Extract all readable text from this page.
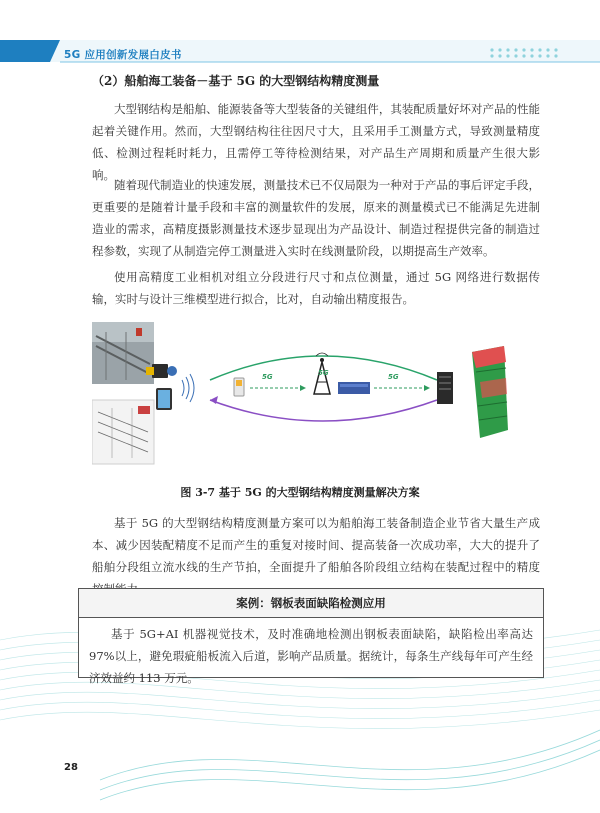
5G 应用创新发展白皮书
（2）船舶海工装备－基于 5G 的大型钢结构精度测量
大型钢结构是船舶、能源装备等大型装备的关键组件，其装配质量好坏对产品的性能起着关键作用。然而，大型钢结构往往因尺寸大，且采用手工测量方式，导致测量精度低、检测过程耗时耗力，且需停工等待检测结果，对产品生产周期和质量产生很大影响。
随着现代制造业的快速发展，测量技术已不仅局限为一种对于产品的事后评定手段，更重要的是随着计量手段和丰富的测量软件的发展，原来的测量模式已不能满足先进制造业的需求，高精度摄影测量技术逐步显现出为产品设计、制造过程提供完备的制造过程参数，实现了从制造完停工测量进入实时在线测量阶段，以期提高生产效率。
使用高精度工业相机对组立分段进行尺寸和点位测量，通过 5G 网络进行数据传输，实时与设计三维模型进行拟合，比对，自动输出精度报告。
5G	5G	5G
图 3-7 基于 5G 的大型钢结构精度测量解决方案
基于 5G 的大型钢结构精度测量方案可以为船舶海工装备制造企业节省大量生产成本、减少因装配精度不足而产生的重复对接时间、提高装备一次成功率，大大的提升了船舶分段组立流水线的生产节拍，全面提升了船舶各阶段组立结构在装配过程中的精度
案例：钢板表面缺陷检测应用
基于 5G+AI 机器视觉技术，及时准确地检测出钢板表面缺陷，缺陷检出率高达 97%以上，避免瑕疵船板流入后道，影响产品质量。据统计，每条生产线每年可产生经济效益约 113 万元。
28
